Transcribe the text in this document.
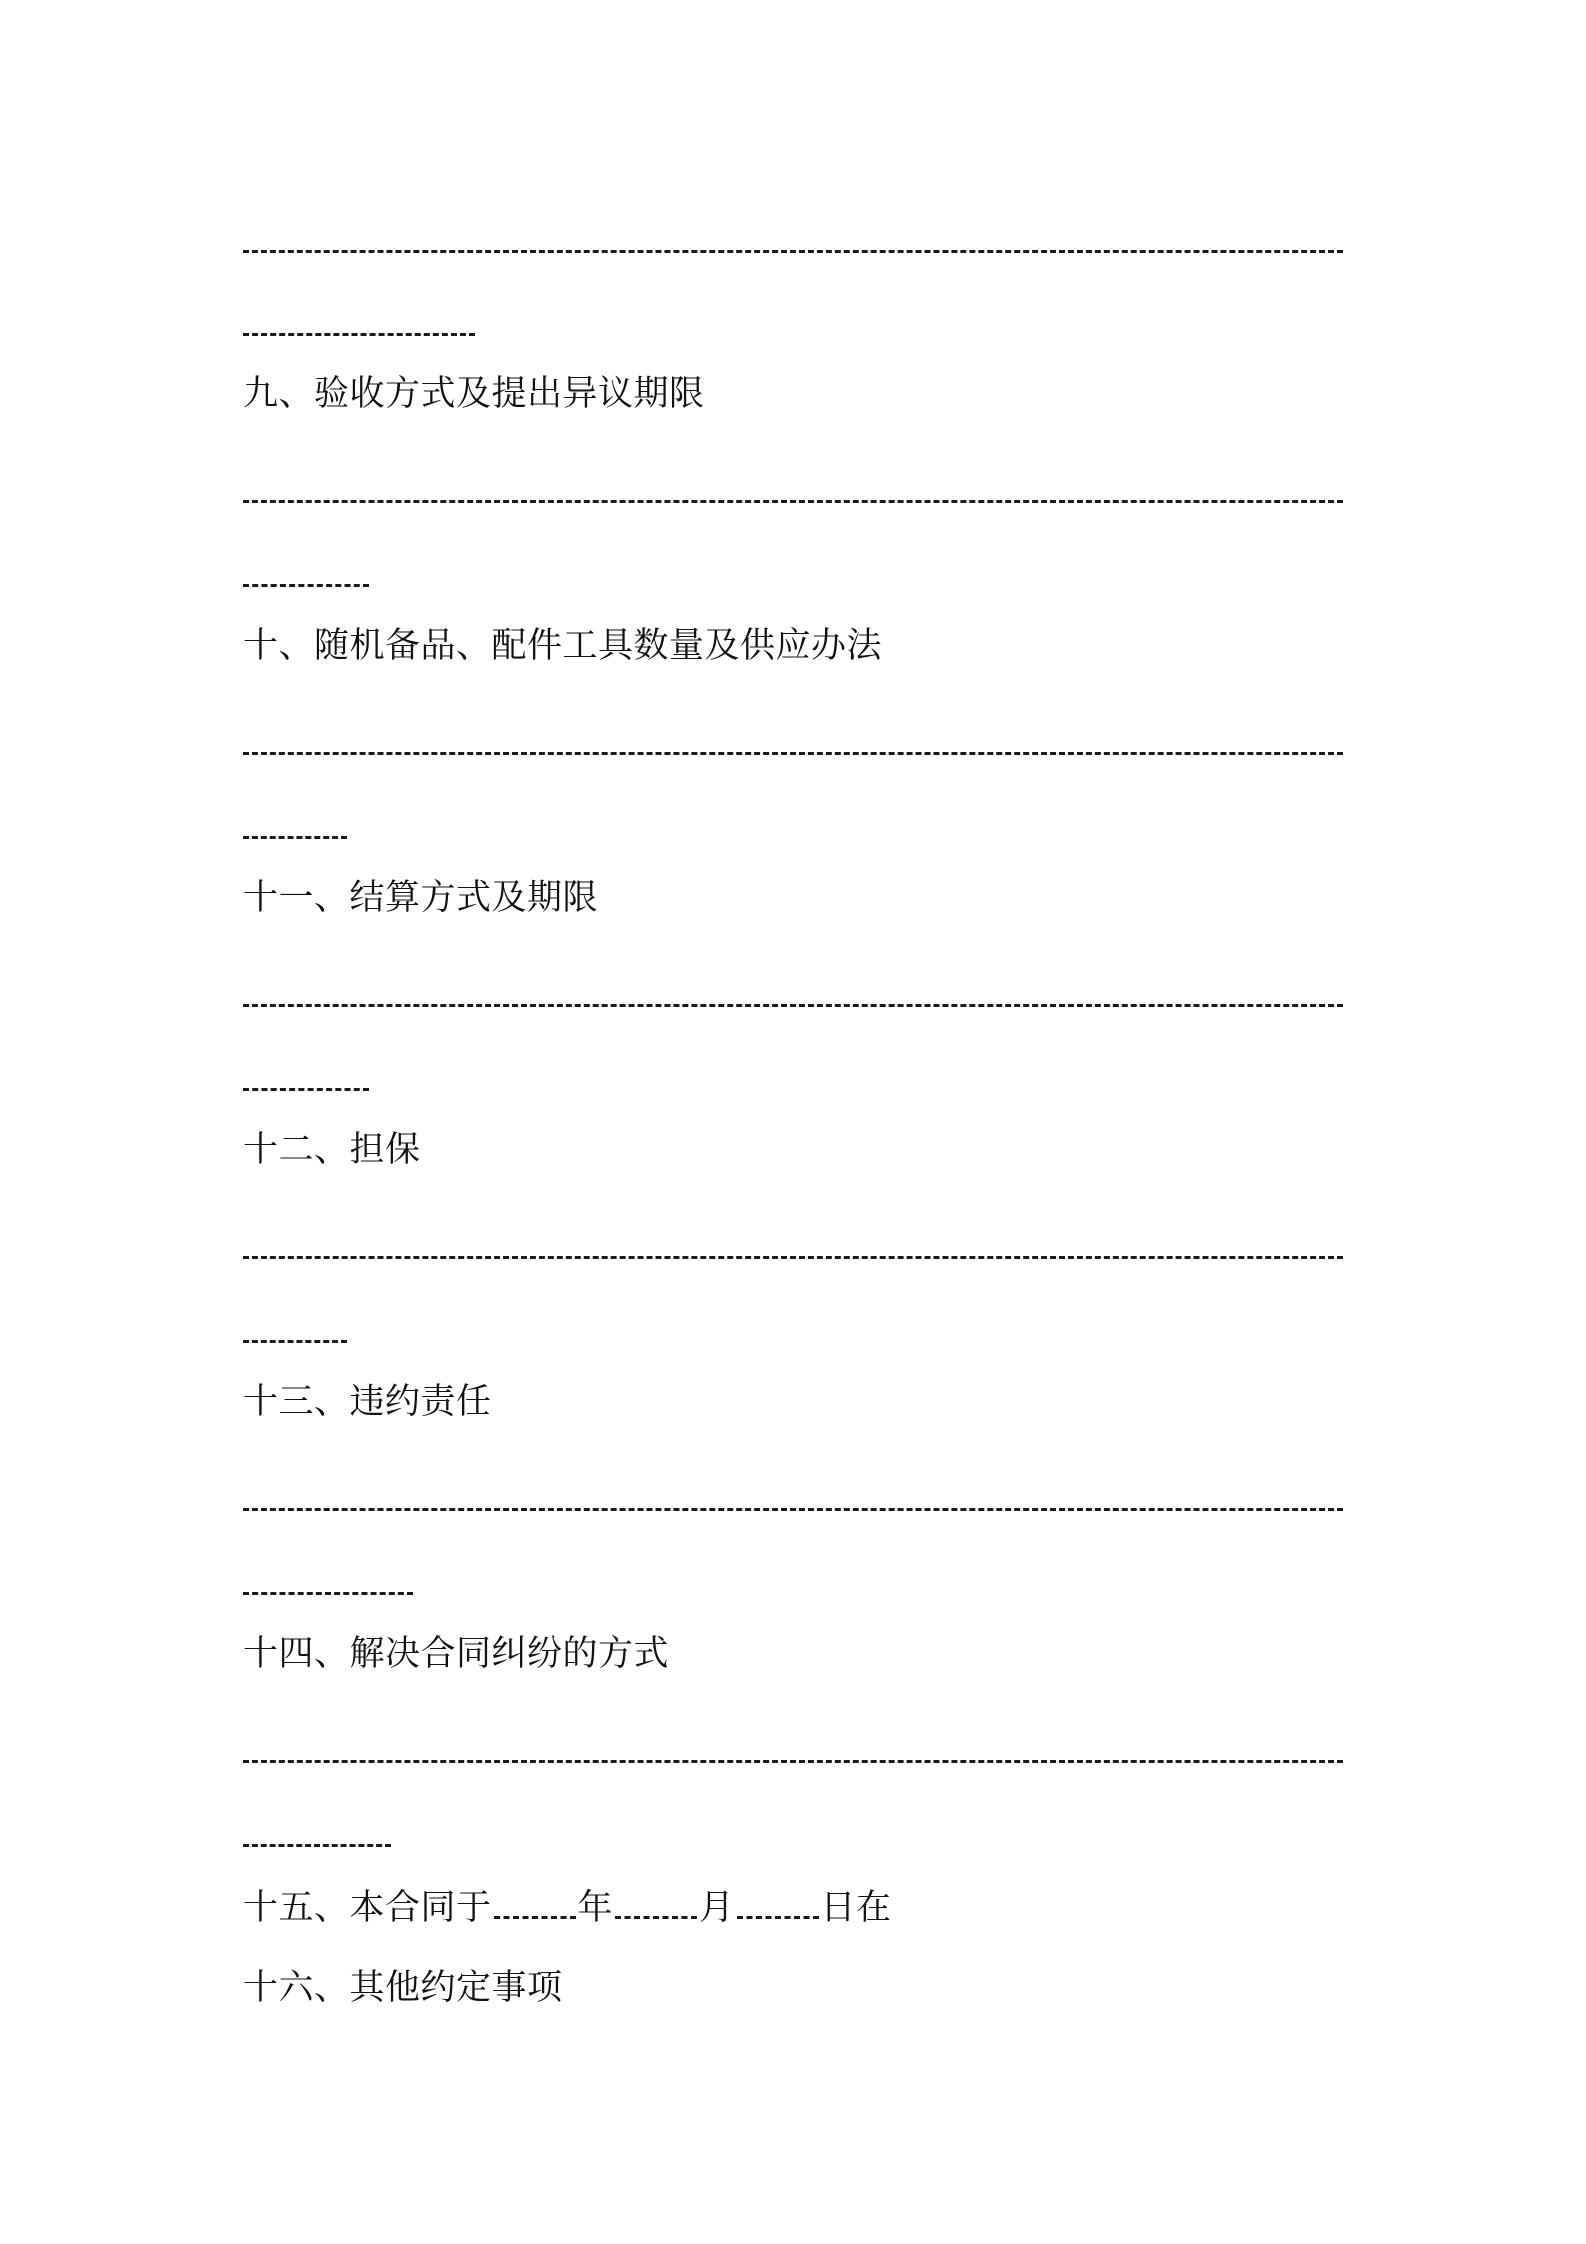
九、验收方式及提出异议期限
十、随机备品、配件工具数量及供应办法
十一、结算方式及期限
十二、担保
十三、违约责任
十四、解决合同纠纷的方式
十五、本合同于 年 月 日在
十六、其他约定事项
